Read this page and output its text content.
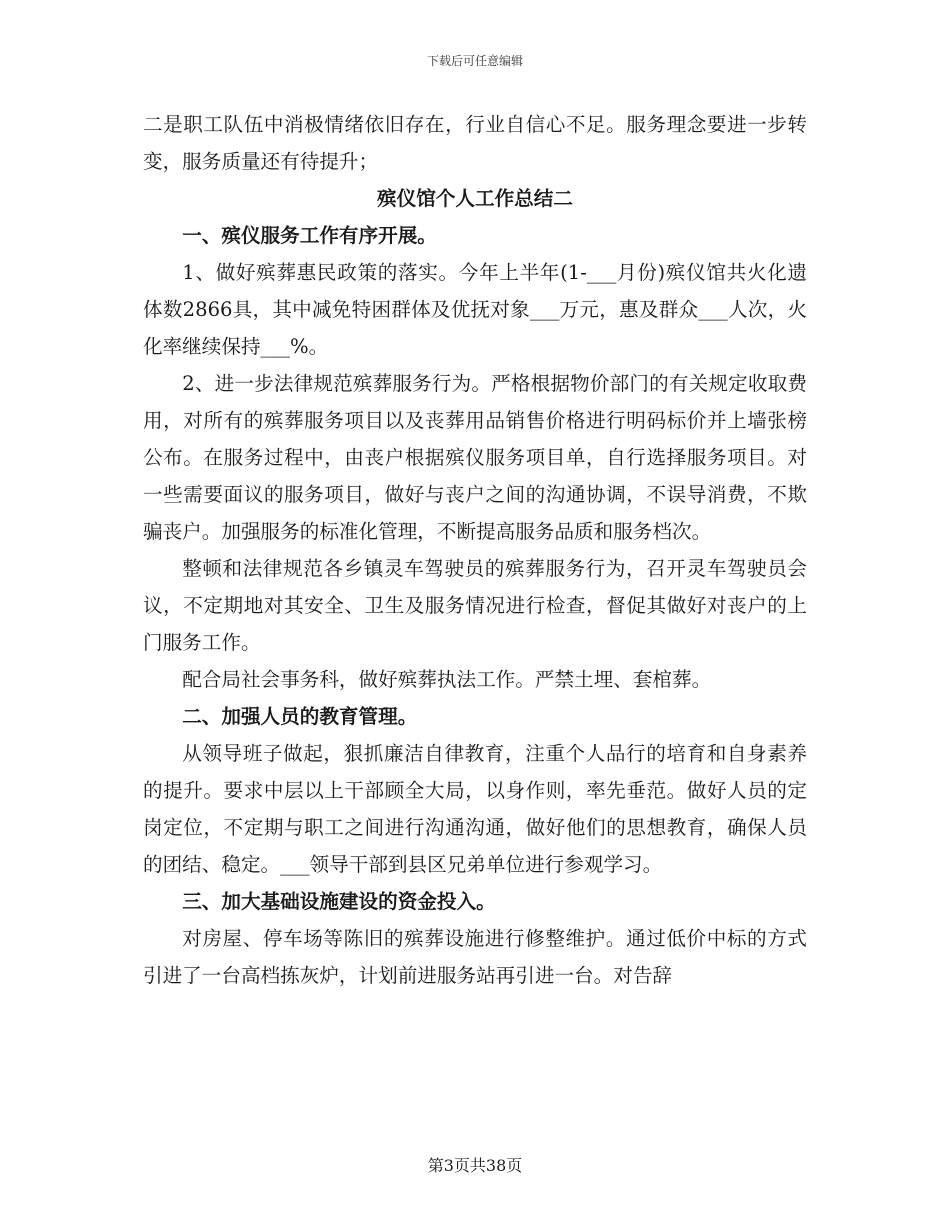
下载后可任意编辑

二是职工队伍中消极情绪依旧存在，行业自信心不足。服务理念要进一步转变，服务质量还有待提升；

殡仪馆个人工作总结二

一、殡仪服务工作有序开展。

1、做好殡葬惠民政策的落实。今年上半年(1-___月份)殡仪馆共火化遗体数2866具，其中减免特困群体及优抚对象___万元，惠及群众___人次，火化率继续保持___%。

2、进一步法律规范殡葬服务行为。严格根据物价部门的有关规定收取费用，对所有的殡葬服务项目以及丧葬用品销售价格进行明码标价并上墙张榜公布。在服务过程中，由丧户根据殡仪服务项目单，自行选择服务项目。对一些需要面议的服务项目，做好与丧户之间的沟通协调，不误导消费，不欺骗丧户。加强服务的标准化管理，不断提高服务品质和服务档次。

整顿和法律规范各乡镇灵车驾驶员的殡葬服务行为，召开灵车驾驶员会议，不定期地对其安全、卫生及服务情况进行检查，督促其做好对丧户的上门服务工作。

配合局社会事务科，做好殡葬执法工作。严禁土埋、套棺葬。

二、加强人员的教育管理。

从领导班子做起，狠抓廉洁自律教育，注重个人品行的培育和自身素养的提升。要求中层以上干部顾全大局，以身作则，率先垂范。做好人员的定岗定位，不定期与职工之间进行沟通沟通，做好他们的思想教育，确保人员的团结、稳定。___领导干部到县区兄弟单位进行参观学习。

三、加大基础设施建设的资金投入。

对房屋、停车场等陈旧的殡葬设施进行修整维护。通过低价中标的方式引进了一台高档拣灰炉，计划前进服务站再引进一台。对告辞

第3页共38页
